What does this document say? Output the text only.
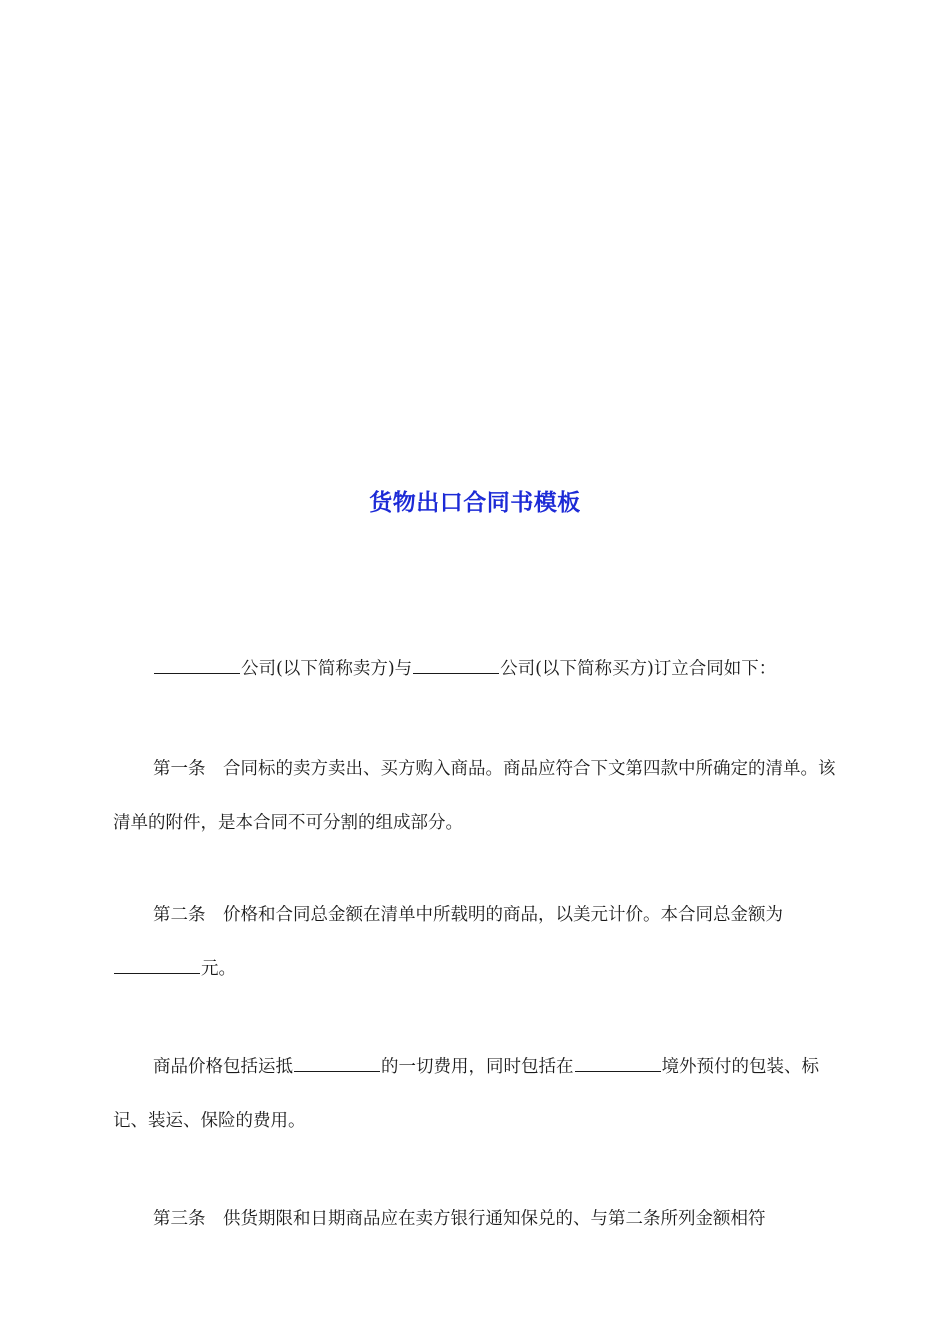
货物出口合同书模板

公司(以下简称卖方)与	公司(以下简称买方)订立合同如下：

第一条　合同标的卖方卖出、买方购入商品。商品应符合下文第四款中所确定的清单。该清单的附件，是本合同不可分割的组成部分。

第二条　价格和合同总金额在清单中所载明的商品，以美元计价。本合同总金额为元。

商品价格包括运抵	的一切费用，同时包括在	境外预付的包装、标记、装运、保险的费用。

第三条　供货期限和日期商品应在卖方银行通知保兑的、与第二条所列金额相符
